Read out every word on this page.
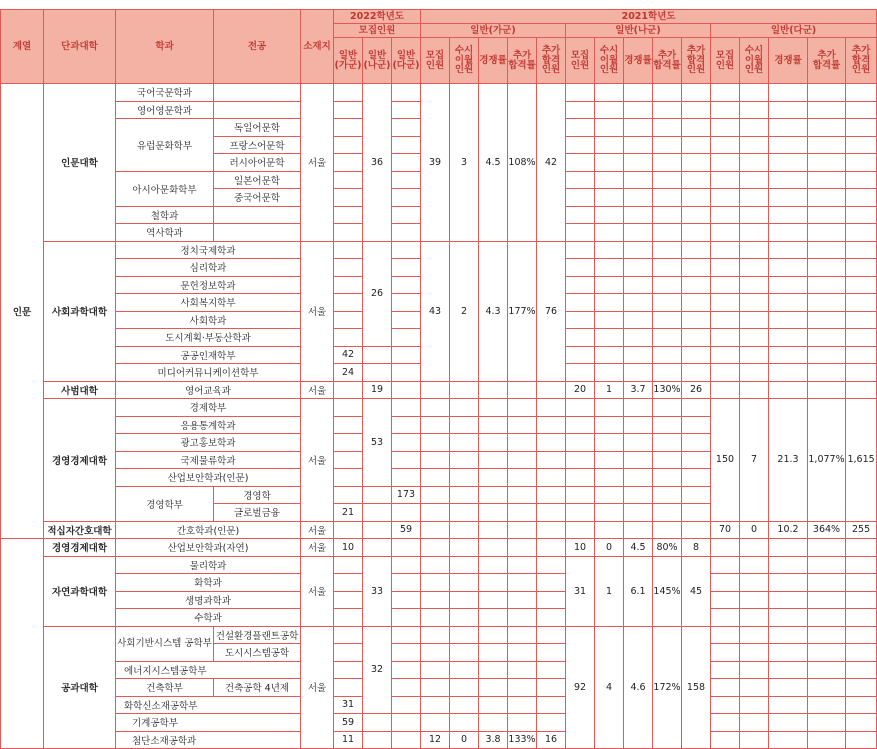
계열	단과대학	학과	전공	소재지	2022학년도			2021학년도															
					모집인원			일반(가군)					일반(나군)					일반(다군)					
					일반 (가군)	일반 (나군)	일반 (다군)	모집 인원	수시 이월 인원	경쟁률	추가 합격률	추가 합격 인원	모집 인원	수시 이월 인원	경쟁률	추가 합격률	추가 합격 인원	모집 인원	수시 이월 인원	경쟁률	추가 합격률	추가 합격 인원	
인문	인문대학	국어국문학과		서울		36		39	3	4.5	108%	42											
		영어영문학과																					
		유럽문화학부	독일어문학																				
			프랑스어문학																				
			러시아어문학																				
		아시아문화학부	일본어문학																				
			중국어문학																				
		철학과																					
		역사학과																					
	사회과학대학	정치국제학과		서울		26		43	2	4.3	177%	76											
		심리학과																					
		문헌정보학과																					
		사회복지학부																					
		사회학과																					
		도시계획·부동산학과																					
		공공인재학부			42																		
		미디어커뮤니케이션학부			24																		
	사범대학	영어교육과		서울		19							20	1	3.7	130%	26						
	경영경제대학	경제학부		서울		53												150	7	21.3	1,077%	1,615	
		응용통계학과																					
		광고홍보학과																					
		국제물류학과																					
		산업보안학과(인문)																					
		경영학부	경영학				173																
			글로벌금융		21																		
	적십자간호대학	간호학과(인문)		서울			59											70	0	10.2	364%	255	
	경영경제대학	산업보안학과(자연)		서울	10								10	0	4.5	80%	8						
	자연과학대학	물리학과		서울		33							31	1	6.1	145%	45						
		화학과																					
		생명과학과																					
		수학과																					
	공과대학	사회기반시스템 공학부	건설환경플랜트공학	서울		32							92	4	4.6	172%	158						
			도시시스템공학																				
		에너지시스템공학부																					
		건축학부	건축공학 4년제																				
		화학신소재공학부			31																		
		기계공학부			59																		
		첨단소재공학과			11			12	0	3.8	133%	16											
